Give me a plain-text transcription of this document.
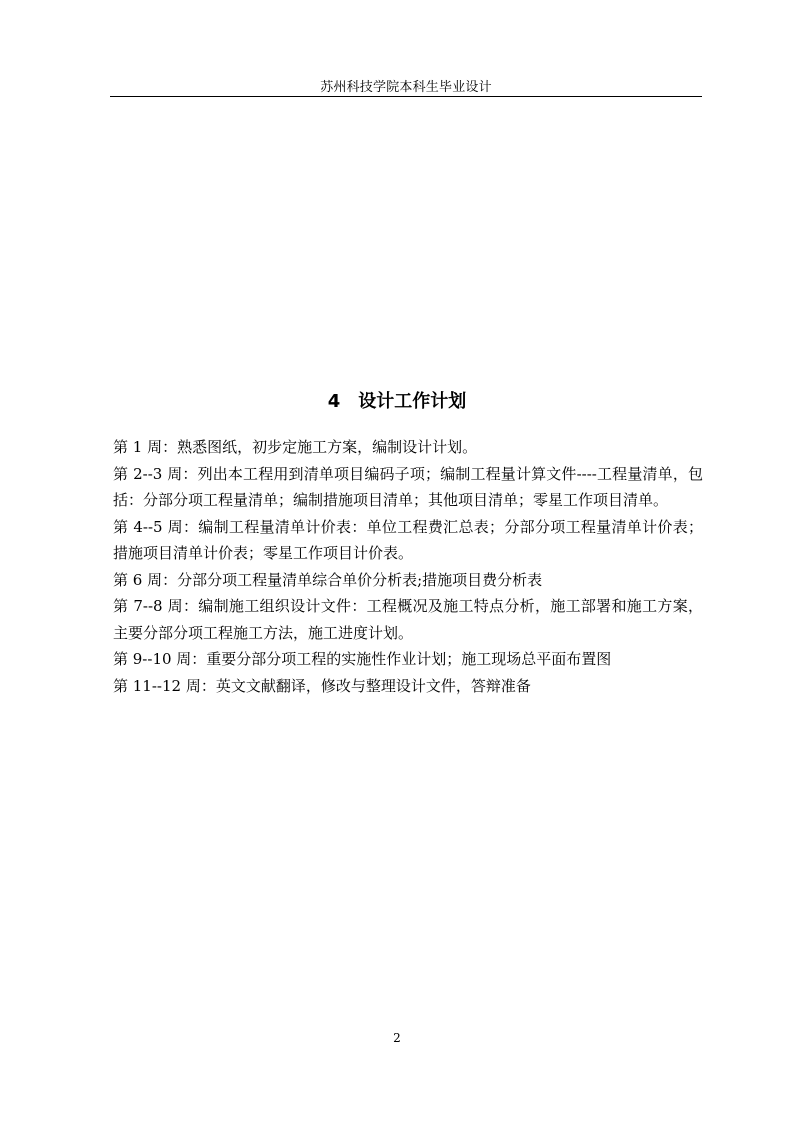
苏州科技学院本科生毕业设计
4 设计工作计划

第 1 周：熟悉图纸，初步定施工方案，编制设计计划。

第 2--3 周：列出本工程用到清单项目编码子项；编制工程量计算文件----工程量清单，包括：分部分项工程量清单；编制措施项目清单；其他项目清单；零星工作项目清单。

第 4--5 周：编制工程量清单计价表：单位工程费汇总表；分部分项工程量清单计价表；措施项目清单计价表；零星工作项目计价表。

第 6 周：分部分项工程量清单综合单价分析表;措施项目费分析表

第 7--8 周：编制施工组织设计文件：工程概况及施工特点分析，施工部署和施工方案，主要分部分项工程施工方法，施工进度计划。

第 9--10 周：重要分部分项工程的实施性作业计划；施工现场总平面布置图

第 11--12 周：英文文献翻译，修改与整理设计文件，答辩准备

2
